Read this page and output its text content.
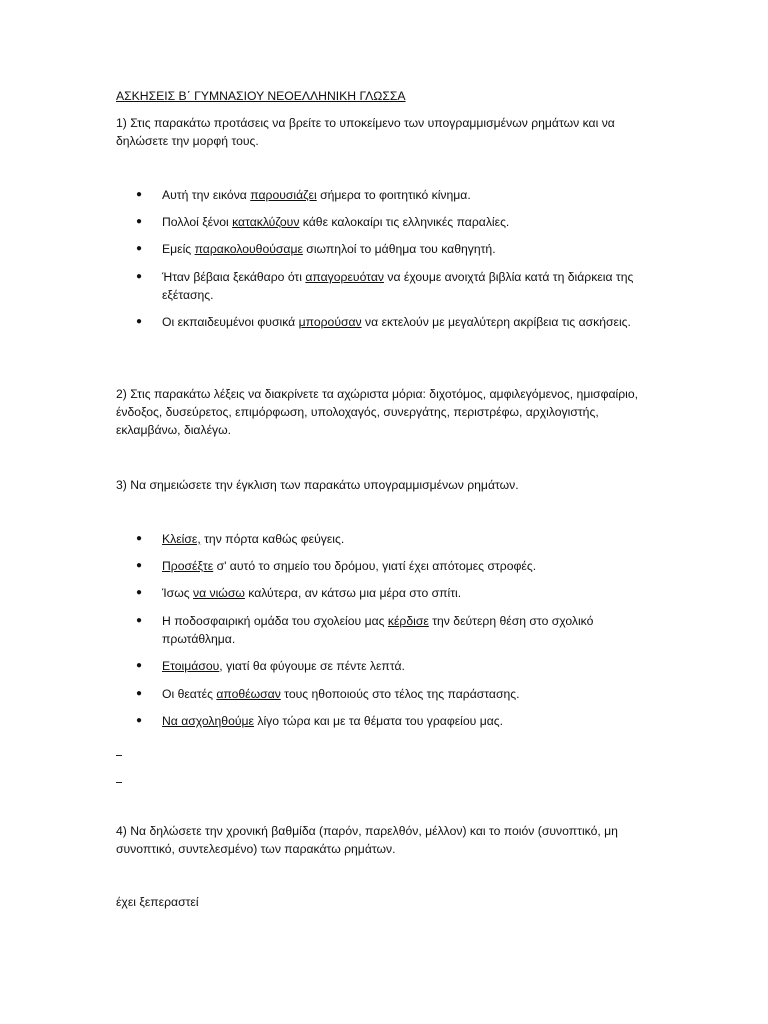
ΑΣΚΗΣΕΙΣ Β΄ ΓΥΜΝΑΣΙΟΥ ΝΕΟΕΛΛΗΝΙΚΗ ΓΛΩΣΣΑ

1) Στις παρακάτω προτάσεις να βρείτε το υποκείμενο των υπογραμμισμένων ρημάτων και να δηλώσετε την μορφή τους.

●	Αυτή την εικόνα παρουσιάζει σήμερα το φοιτητικό κίνημα.
●	Πολλοί ξένοι κατακλύζουν κάθε καλοκαίρι τις ελληνικές παραλίες.
●	Εμείς παρακολουθούσαμε σιωπηλοί το μάθημα του καθηγητή.
●	Ήταν βέβαια ξεκάθαρο ότι απαγορευόταν να έχουμε ανοιχτά βιβλία κατά τη διάρκεια της εξέτασης.
●	Οι εκπαιδευμένοι φυσικά μπορούσαν να εκτελούν με μεγαλύτερη ακρίβεια τις ασκήσεις.

2) Στις παρακάτω λέξεις να διακρίνετε τα αχώριστα μόρια: διχοτόμος, αμφιλεγόμενος, ημισφαίριο, ένδοξος, δυσεύρετος, επιμόρφωση, υπολοχαγός, συνεργάτης, περιστρέφω, αρχιλογιστής, εκλαμβάνω, διαλέγω.

3) Να σημειώσετε την έγκλιση των παρακάτω υπογραμμισμένων ρημάτων.

●	Κλείσε, την πόρτα καθώς φεύγεις.
●	Προσέξτε σ' αυτό το σημείο του δρόμου, γιατί έχει απότομες στροφές.
●	Ίσως να νιώσω καλύτερα, αν κάτσω μια μέρα στο σπίτι.
●	Η ποδοσφαιρική ομάδα του σχολείου μας κέρδισε την δεύτερη θέση στο σχολικό πρωτάθλημα.
●	Ετοιμάσου, γιατί θα φύγουμε σε πέντε λεπτά.
●	Οι θεατές αποθέωσαν τους ηθοποιούς στο τέλος της παράστασης.
●	Να ασχοληθούμε λίγο τώρα και με τα θέματα του γραφείου μας.

4) Να δηλώσετε την χρονική βαθμίδα (παρόν, παρελθόν, μέλλον) και το ποιόν (συνοπτικό, μη συνοπτικό, συντελεσμένο) των παρακάτω ρημάτων.

έχει ξεπεραστεί
